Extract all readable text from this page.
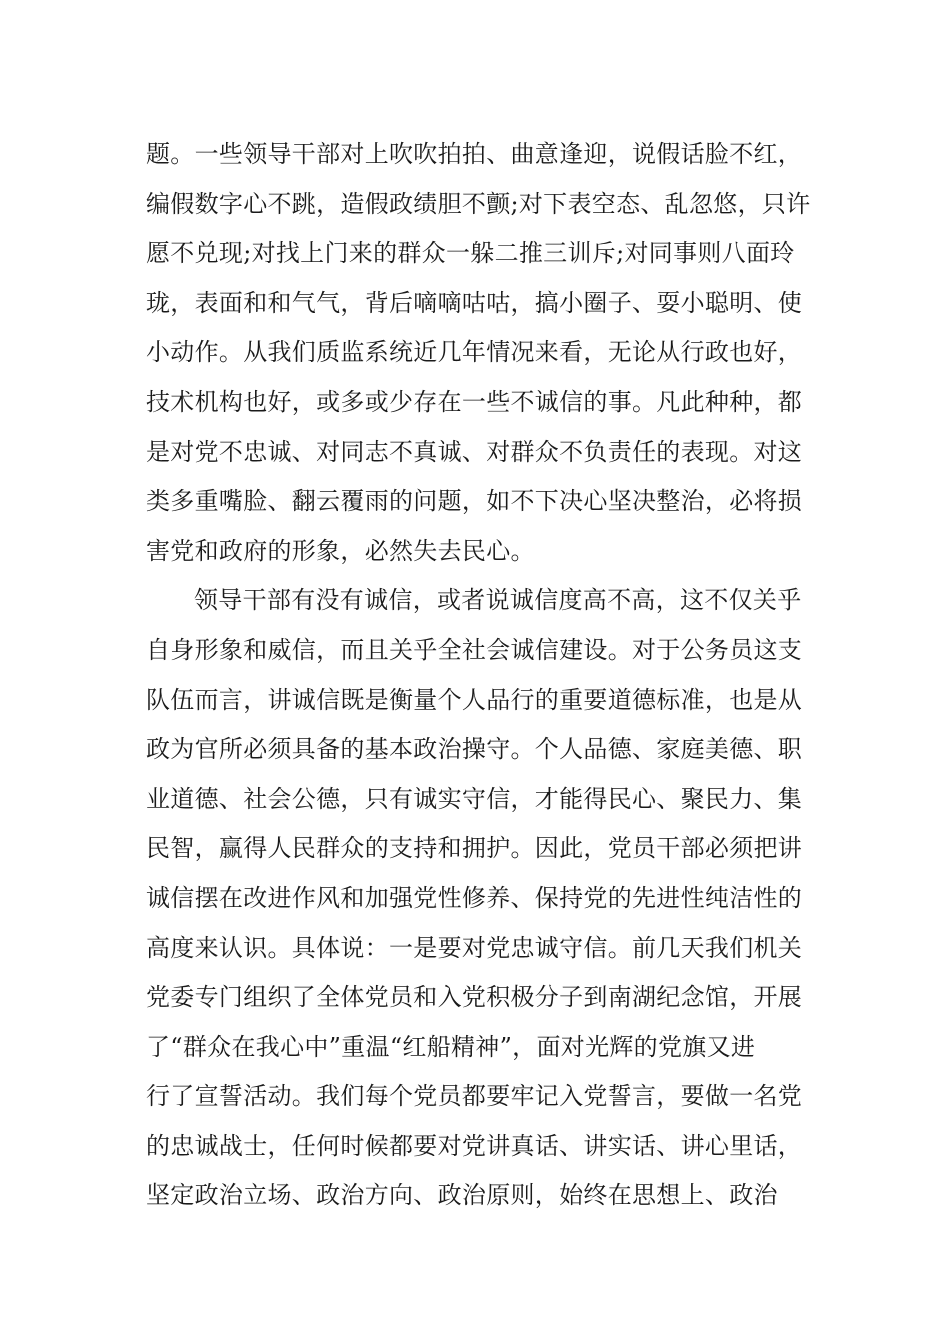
题。一些领导干部对上吹吹拍拍、曲意逢迎，说假话脸不红，
编假数字心不跳，造假政绩胆不颤;对下表空态、乱忽悠，只许
愿不兑现;对找上门来的群众一躲二推三训斥;对同事则八面玲
珑，表面和和气气，背后嘀嘀咕咕，搞小圈子、耍小聪明、使
小动作。从我们质监系统近几年情况来看，无论从行政也好，
技术机构也好，或多或少存在一些不诚信的事。凡此种种，都
是对党不忠诚、对同志不真诚、对群众不负责任的表现。对这
类多重嘴脸、翻云覆雨的问题，如不下决心坚决整治，必将损
害党和政府的形象，必然失去民心。
领导干部有没有诚信，或者说诚信度高不高，这不仅关乎
自身形象和威信，而且关乎全社会诚信建设。对于公务员这支
队伍而言，讲诚信既是衡量个人品行的重要道德标准，也是从
政为官所必须具备的基本政治操守。个人品德、家庭美德、职
业道德、社会公德，只有诚实守信，才能得民心、聚民力、集
民智，赢得人民群众的支持和拥护。因此，党员干部必须把讲
诚信摆在改进作风和加强党性修养、保持党的先进性纯洁性的
高度来认识。具体说：一是要对党忠诚守信。前几天我们机关
党委专门组织了全体党员和入党积极分子到南湖纪念馆，开展
了“群众在我心中”重温“红船精神”，面对光辉的党旗又进
行了宣誓活动。我们每个党员都要牢记入党誓言，要做一名党
的忠诚战士，任何时候都要对党讲真话、讲实话、讲心里话，
坚定政治立场、政治方向、政治原则，始终在思想上、政治
